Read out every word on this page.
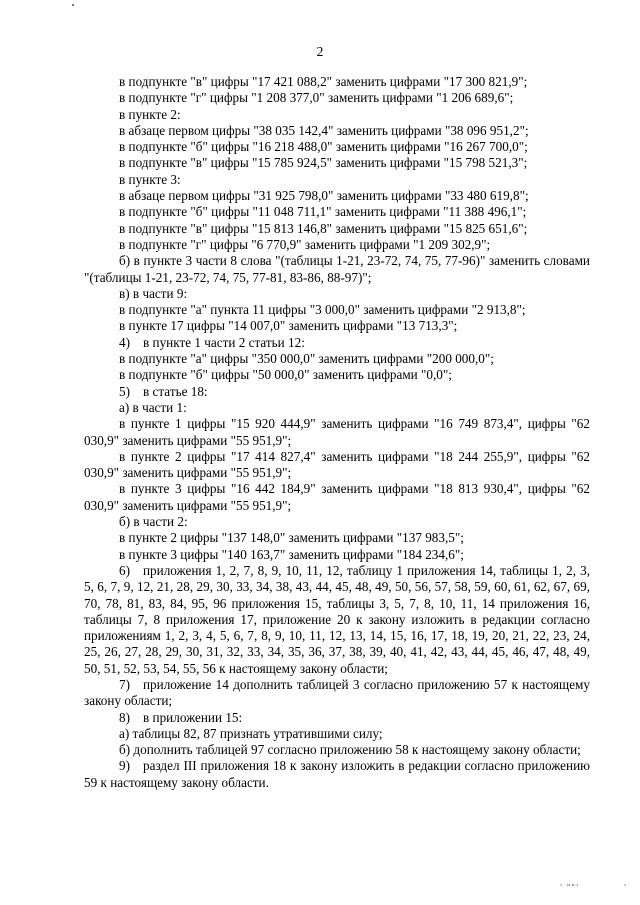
2

в подпункте "в" цифры "17 421 088,2" заменить цифрами "17 300 821,9";

в подпункте "г" цифры "1 208 377,0" заменить цифрами "1 206 689,6";

в пункте 2:

в абзаце первом цифры "38 035 142,4" заменить цифрами "38 096 951,2";

в подпункте "б" цифры "16 218 488,0" заменить цифрами "16 267 700,0";

в подпункте "в" цифры "15 785 924,5" заменить цифрами "15 798 521,3";

в пункте 3:

в абзаце первом цифры "31 925 798,0" заменить цифрами "33 480 619,8";

в подпункте "б" цифры "11 048 711,1" заменить цифрами "11 388 496,1";

в подпункте "в" цифры "15 813 146,8" заменить цифрами "15 825 651,6";

в подпункте "г" цифры "6 770,9" заменить цифрами "1 209 302,9";

б) в пункте 3 части 8 слова "(таблицы 1-21, 23-72, 74, 75, 77-96)" заменить словами "(таблицы 1-21, 23-72, 74, 75, 77-81, 83-86, 88-97)";

в) в части 9:

в подпункте "а" пункта 11 цифры "3 000,0" заменить цифрами "2 913,8";

в пункте 17 цифры "14 007,0" заменить цифрами "13 713,3";

4) в пункте 1 части 2 статьи 12:

в подпункте "а" цифры "350 000,0" заменить цифрами "200 000,0";

в подпункте "б" цифры "50 000,0" заменить цифрами "0,0";

5) в статье 18:

а) в части 1:

в пункте 1 цифры "15 920 444,9" заменить цифрами "16 749 873,4", цифры "62 030,9" заменить цифрами "55 951,9";

в пункте 2 цифры "17 414 827,4" заменить цифрами "18 244 255,9", цифры "62 030,9" заменить цифрами "55 951,9";

в пункте 3 цифры "16 442 184,9" заменить цифрами "18 813 930,4", цифры "62 030,9" заменить цифрами "55 951,9";

б) в части 2:

в пункте 2 цифры "137 148,0" заменить цифрами "137 983,5";

в пункте 3 цифры "140 163,7" заменить цифрами "184 234,6";

6) приложения 1, 2, 7, 8, 9, 10, 11, 12, таблицу 1 приложения 14, таблицы 1, 2, 3, 5, 6, 7, 9, 12, 21, 28, 29, 30, 33, 34, 38, 43, 44, 45, 48, 49, 50, 56, 57, 58, 59, 60, 61, 62, 67, 69, 70, 78, 81, 83, 84, 95, 96 приложения 15, таблицы 3, 5, 7, 8, 10, 11, 14 приложения 16, таблицы 7, 8 приложения 17, приложение 20 к закону изложить в редакции согласно приложениям 1, 2, 3, 4, 5, 6, 7, 8, 9, 10, 11, 12, 13, 14, 15, 16, 17, 18, 19, 20, 21, 22, 23, 24, 25, 26, 27, 28, 29, 30, 31, 32, 33, 34, 35, 36, 37, 38, 39, 40, 41, 42, 43, 44, 45, 46, 47, 48, 49, 50, 51, 52, 53, 54, 55, 56 к настоящему закону области;

7) приложение 14 дополнить таблицей 3 согласно приложению 57 к настоящему закону области;

8) в приложении 15:

а) таблицы 82, 87 признать утратившими силу;

б) дополнить таблицей 97 согласно приложению 58 к настоящему закону области;

9) раздел III приложения 18 к закону изложить в редакции согласно приложению 59 к настоящему закону области.

' ""'	'
